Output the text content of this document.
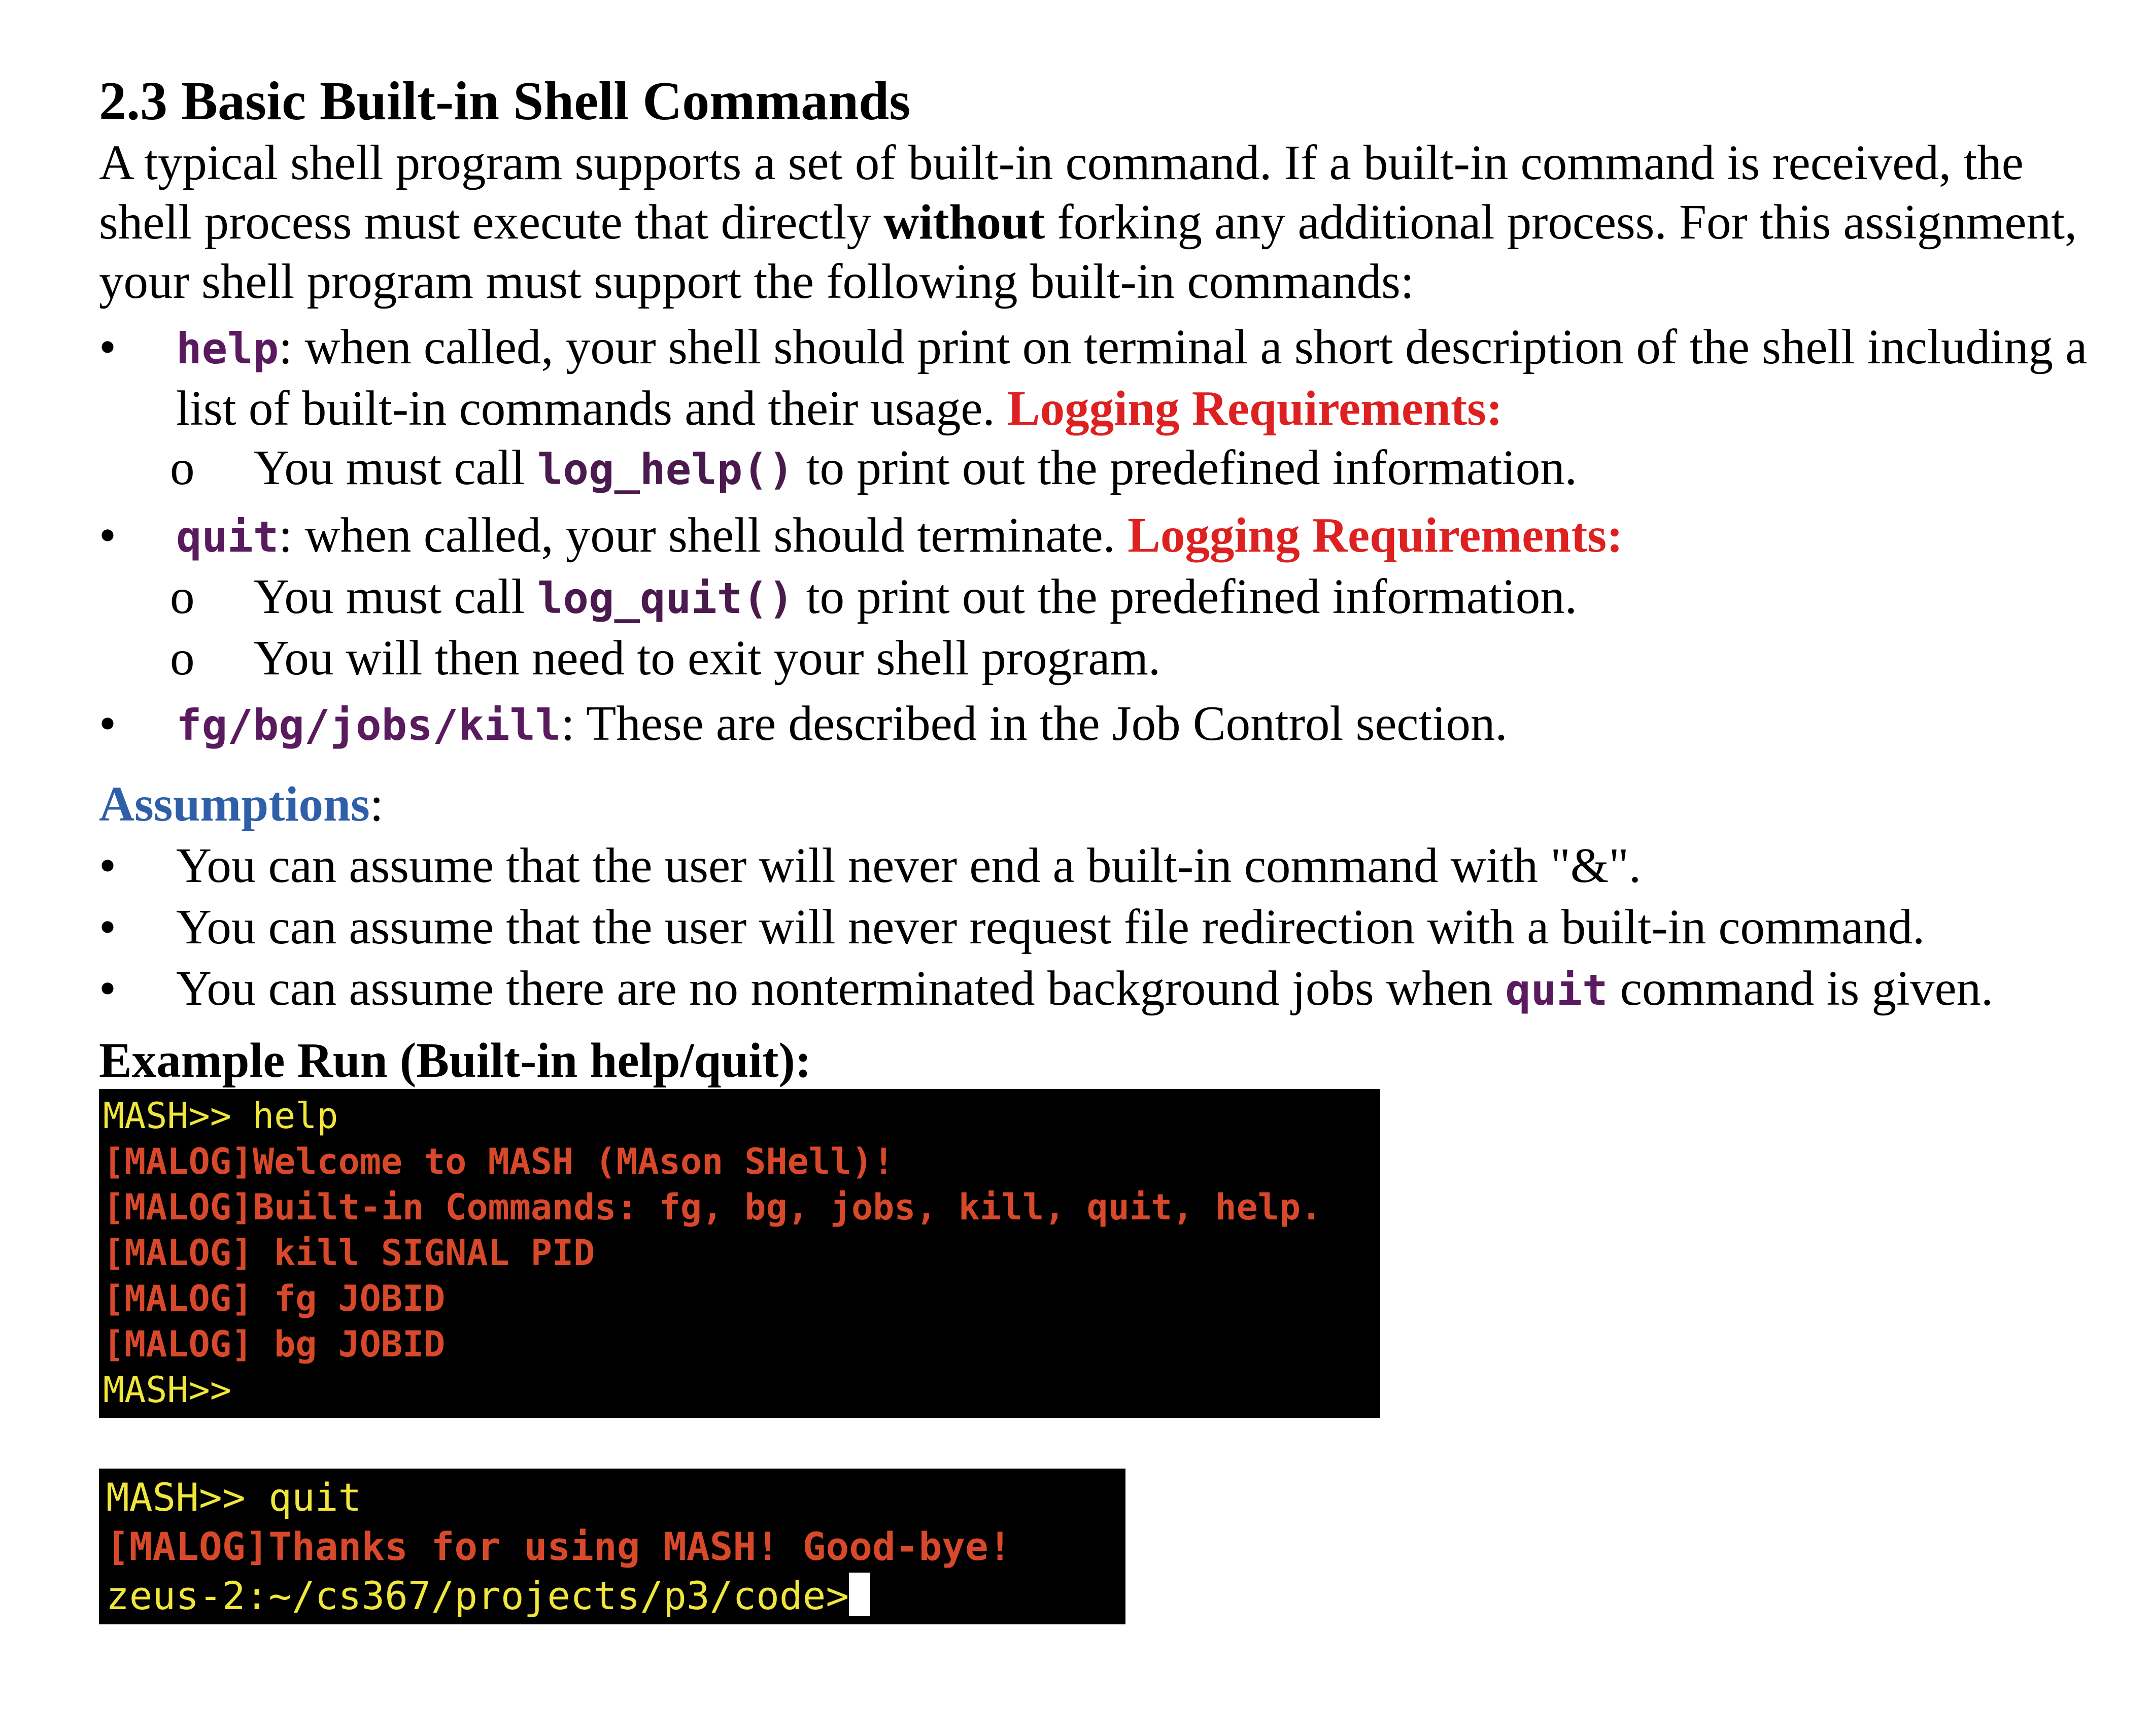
2.3 Basic Built-in Shell Commands

A typical shell program supports a set of built-in command. If a built-in command is received, the shell process must execute that directly without forking any additional process. For this assignment, your shell program must support the following built-in commands:

•	help: when called, your shell should print on terminal a short description of the shell including a list of built-in commands and their usage. Logging Requirements:
o You must call log_help() to print out the predefined information.
•	quit: when called, your shell should terminate. Logging Requirements:
o You must call log_quit() to print out the predefined information.
o You will then need to exit your shell program.
•	fg/bg/jobs/kill: These are described in the Job Control section.
Assumptions:
• You can assume that the user will never end a built-in command with "&".
• You can assume that the user will never request file redirection with a built-in command.
• You can assume there are no nonterminated background jobs when quit command is given.
Example Run (Built-in help/quit):
MASH>> help
[MALOG]Welcome to MASH (MAson SHell)!
[MALOG]Built-in Commands: fg, bg, jobs, kill, quit, help.
[MALOG] kill SIGNAL PID
[MALOG] fg JOBID
[MALOG] bg JOBID
MASH>>
MASH>> quit
[MALOG]Thanks for using MASH! Good-bye!
zeus-2:~/cs367/projects/p3/code>
